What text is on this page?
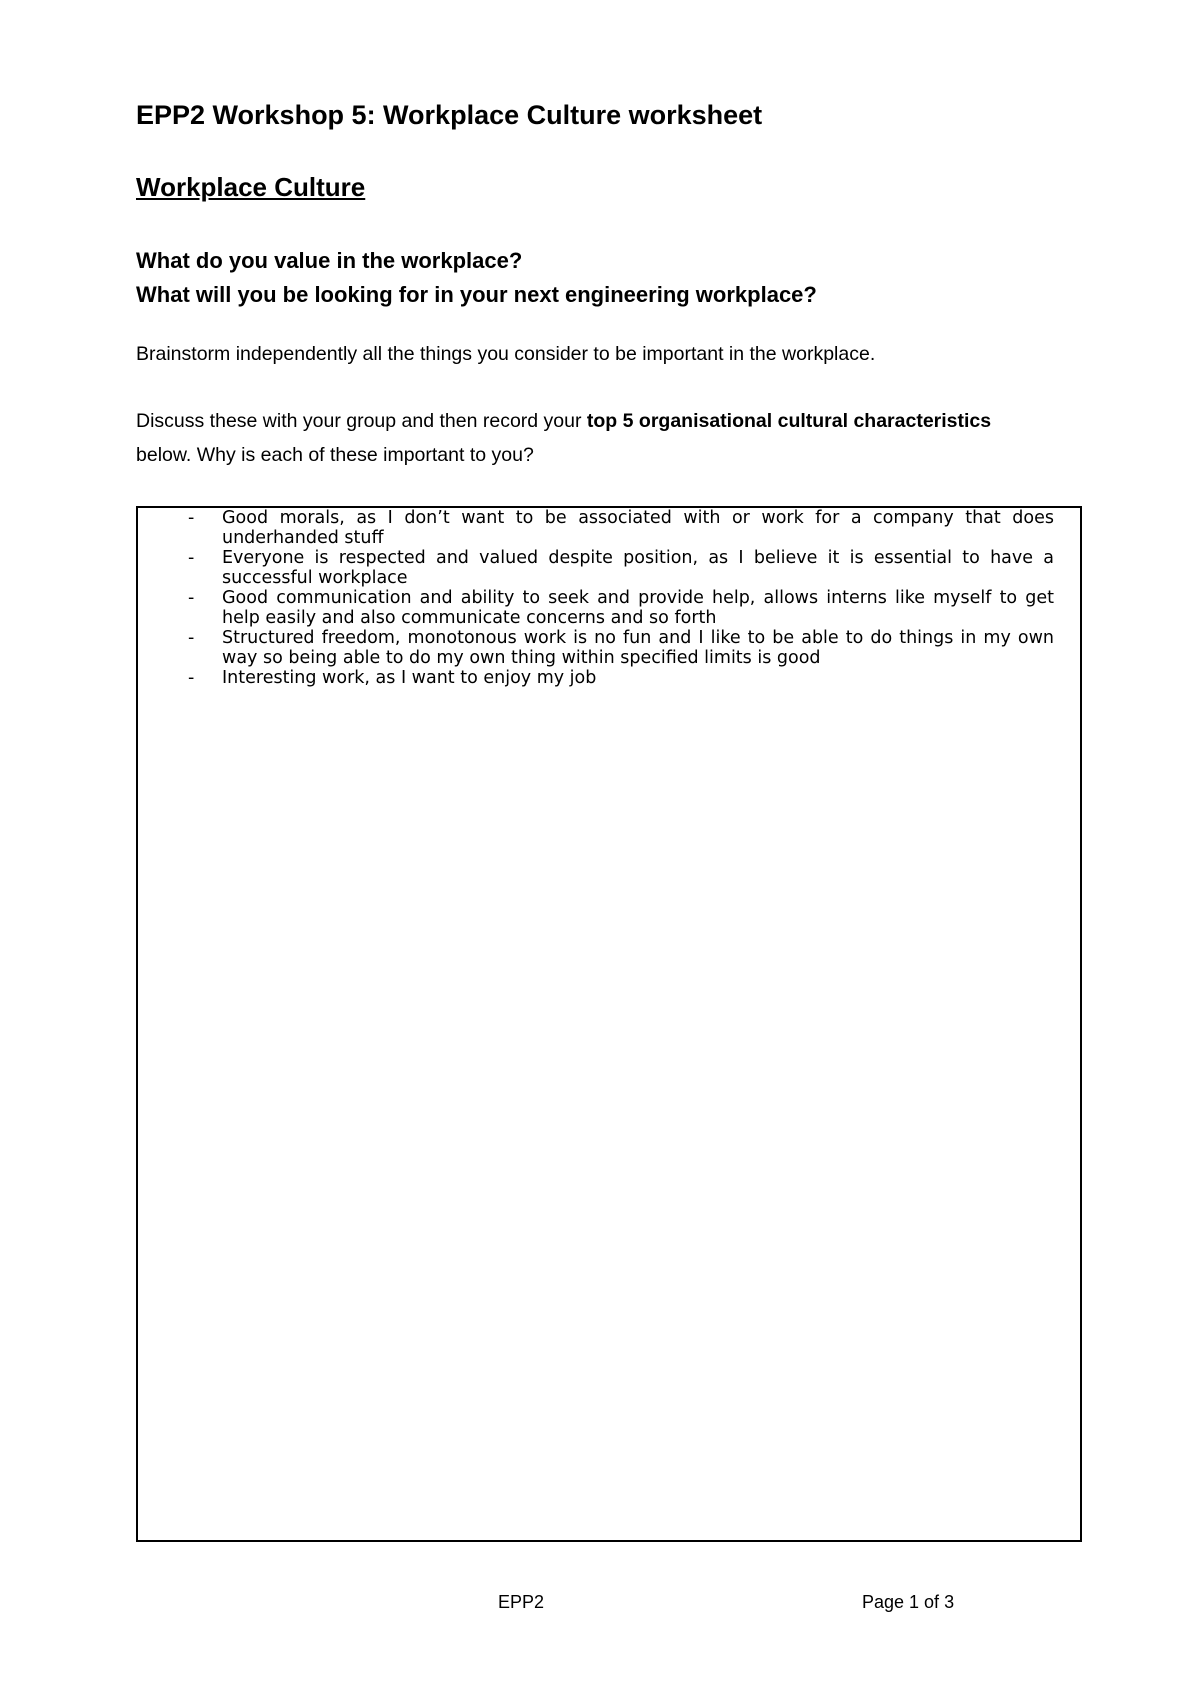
EPP2 Workshop 5: Workplace Culture worksheet
Workplace Culture

What do you value in the workplace?

What will you be looking for in your next engineering workplace?

Brainstorm independently all the things you consider to be important in the workplace.

Discuss these with your group and then record your top 5 organisational cultural characteristics

below. Why is each of these important to you?

- Good morals, as I don’t want to be associated with or work for a company that does underhanded stuff
- Everyone is respected and valued despite position, as I believe it is essential to have a successful workplace
- Good communication and ability to seek and provide help, allows interns like myself to get help easily and also communicate concerns and so forth
- Structured freedom, monotonous work is no fun and I like to be able to do things in my own way so being able to do my own thing within specified limits is good
- Interesting work, as I want to enjoy my job

EPP2	Page 1 of 3
